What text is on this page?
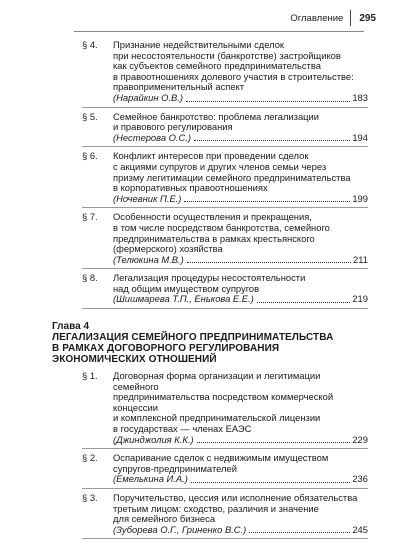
Оглавление 295
§ 4. Признание недействительными сделок
при несостоятельности (банкротстве) застройщиков
как субъектов семейного предпринимательства
в правоотношениях долевого участия в строительстве:
правоприменительный аспект
(Нарайкин О.В.)	183
§ 5. Семейное банкротство: проблема легализации
и правового регулирования
(Нестерова О.С.)	194
§ 6. Конфликт интересов при проведении сделок
с акциями супругов и других членов семьи через
призму легитимации семейного предпринимательства
в корпоративных правоотношениях
(Ночевник П.Е.)	199
§ 7. Особенности осуществления и прекращения,
в том числе посредством банкротства, семейного
предпринимательства в рамках крестьянского
(фермерского) хозяйства
(Телюкина М.В.)	211
§ 8. Легализация процедуры несостоятельности
над общим имуществом супругов
(Шишмарева Т.П., Енькова Е.Е.)	219
Глава 4
ЛЕГАЛИЗАЦИЯ СЕМЕЙНОГО ПРЕДПРИНИМАТЕЛЬСТВА
В РАМКАХ ДОГОВОРНОГО РЕГУЛИРОВАНИЯ
ЭКОНОМИЧЕСКИХ ОТНОШЕНИЙ
§ 1. Договорная форма организации и легитимации семейного
предпринимательства посредством коммерческой концессии
и комплексной предпринимательской лицензии
в государствах — членах ЕАЭС
(Джинджолия К.К.)	229
§ 2. Оспаривание сделок с недвижимым имуществом
супругов-предпринимателей
(Емелькина И.А.)	236
§ 3. Поручительство, цессия или исполнение обязательства
третьим лицом: сходство, различия и значение
для семейного бизнеса
(Зуборева О.Г., Гриненко В.С.)	245
